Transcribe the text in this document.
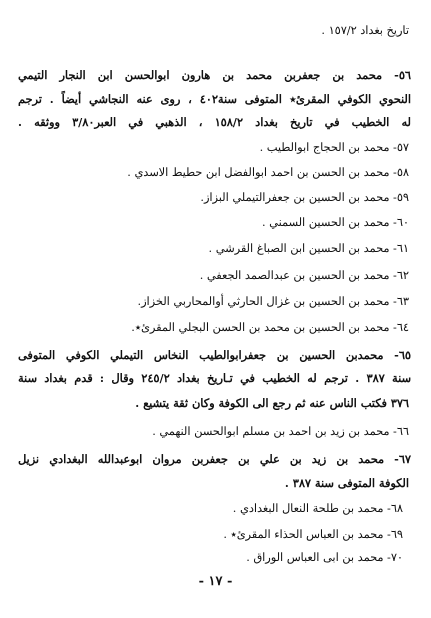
تاريخ بغداد ١٥٧/٢ .
٥٦- محمد بن جعفربن محمد بن هارون ابوالحسن ابن النجار التيمي
النحوي الكوفي المقرئ٭ المتوفى سنة٤٠٢ ، روى عنه النجاشي أيضاً . ترجم
له الخطيب في تاريخ بغداد ١٥٨/٢ ، الذهبي في العبر٣/٨٠ ووثقه .
٥٧- محمد بن الحجاج ابوالطيب .
٥٨- محمد بن الحسن بن احمد ابوالفضل ابن حطيط الاسدي .
٥٩- محمد بن الحسين بن جعفرالتيملي البزاز.
٦٠- محمد بن الحسين السمني .
٦١- محمد بن الحسين ابن الصباغ القرشي .
٦٢- محمد بن الحسين بن عبدالصمد الجعفي .
٦٣- محمد بن الحسين بن غزال الحارثي أوالمحاربي الخزاز.
٦٤- محمد بن الحسين بن محمد بن الحسن البجلي المقرئ٭.
٦٥- محمدبن الحسين بن جعفرابوالطيب النخاس التيملي الكوفي المتوفى
سنة ٣٨٧ . ترجم له الخطيب في تـاريخ بغداد ٢٤٥/٢ وقال : قدم بغداد سنة
٣٧٦ فكتب الناس عنه ثم رجع الى الكوفة وكان ثقة يتشيع .
٦٦- محمد بن زيد بن احمد بن مسلم ابوالحسن النهمي .
٦٧- محمد بن زيد بن علي بن جعفربن مروان ابوعبدالله البغدادي نزيل
الكوفة المتوفى سنة ٣٨٧ .
٦٨- محمد بن طلحة النعال البغدادي .
٦٩- محمد بن العباس الحذاء المقرئ٭ .
٧٠- محمد بن ابى العباس الوراق .
- ١٧ -
